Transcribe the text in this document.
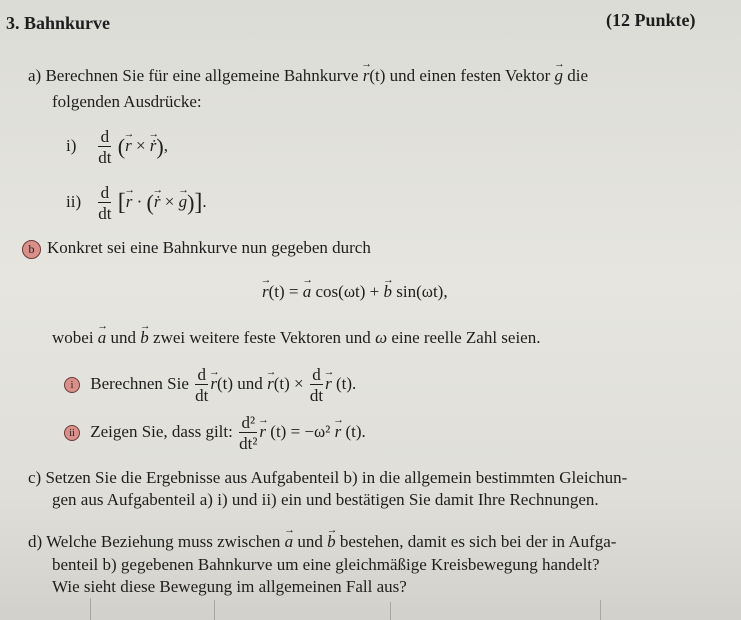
3. Bahnkurve	(12 Punkte)
a) Berechnen Sie für eine allgemeine Bahnkurve → r(t) und einen festen Vektor → g die
folgenden Ausdrücke:
$i) \frac{d}{dt}$ (→ r × → ṙ),
$ii) \frac{d}{dt}$ [→ r · (→ ṙ × → g)].
b Konkret sei eine Bahnkurve nun gegeben durch
→ r(t) = → a cos(ωt) + → b sin(ωt),
wobei → a und → b zwei weitere feste Vektoren und ω eine reelle Zahl seien.
i Berechnen Sie $\frac{d}{dt}$
→ r(t) und → $r(t) \times \frac{d}{dt}$
→ r (t).
ii Zeigen Sie, dass gilt: $\frac{\text{d²}}{\text{dt²}}$
→ r (t) = −ω² → r (t).
c) Setzen Sie die Ergebnisse aus Aufgabenteil b) in die allgemein bestimmten Gleichun-
gen aus Aufgabenteil a) i) und ii) ein und bestätigen Sie damit Ihre Rechnungen.
d) Welche Beziehung muss zwischen → a und → b bestehen, damit es sich bei der in Aufga-
benteil b) gegebenen Bahnkurve um eine gleichmäßige Kreisbewegung handelt?
Wie sieht diese Bewegung im allgemeinen Fall aus?
